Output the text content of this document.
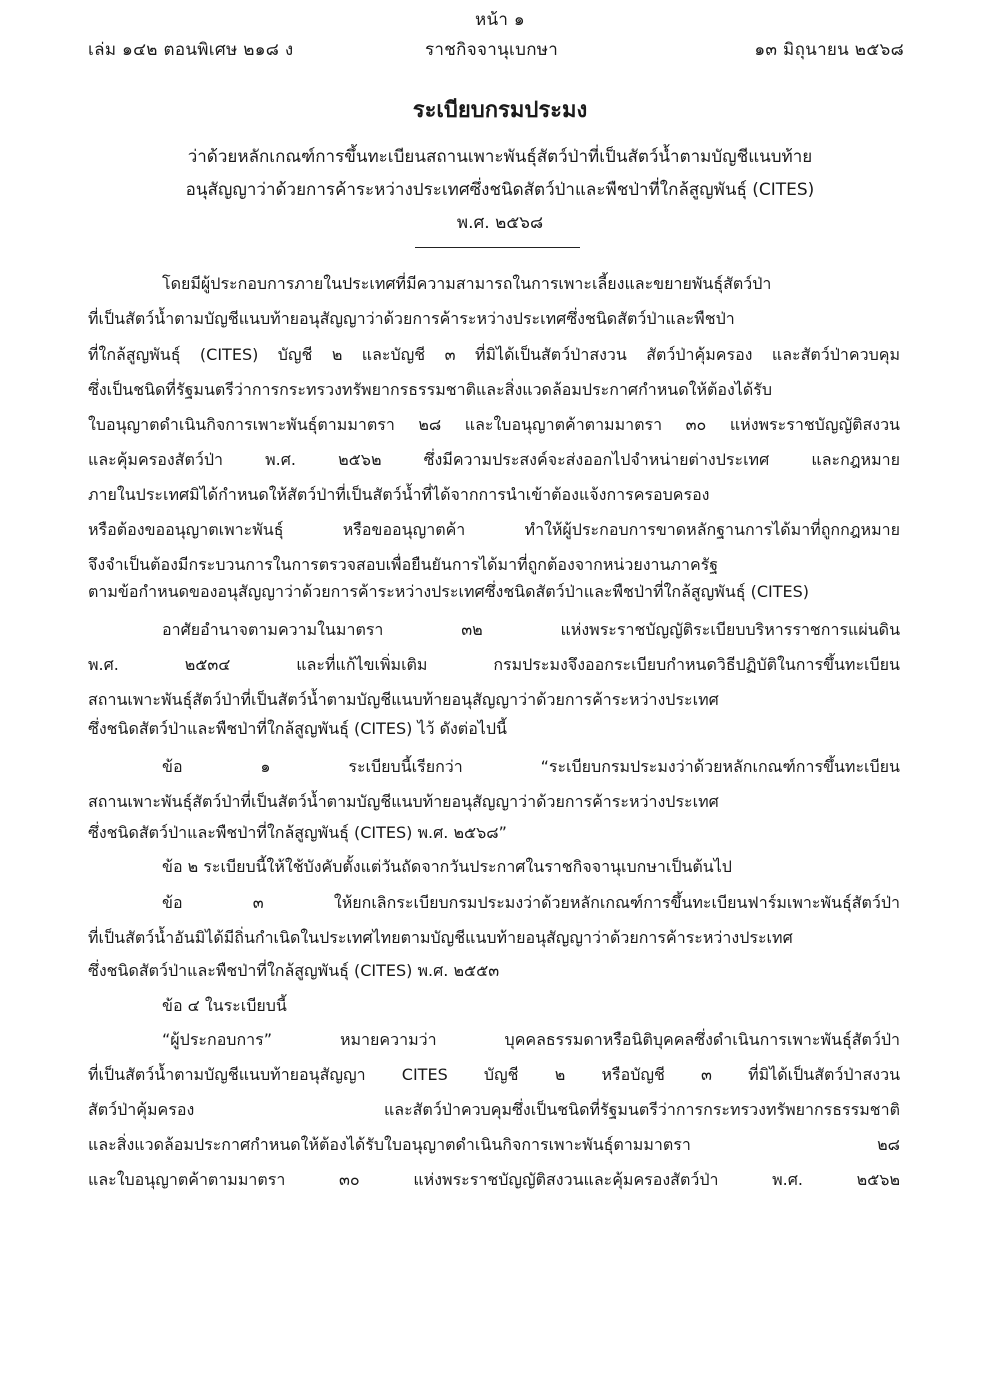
หน้า ๑
เล่ม ๑๔๒ ตอนพิเศษ ๒๑๘ ง	ราชกิจจานุเบกษา	๑๓ มิถุนายน ๒๕๖๘
ระเบียบกรมประมง
ว่าด้วยหลักเกณฑ์การขึ้นทะเบียนสถานเพาะพันธุ์สัตว์ป่าที่เป็นสัตว์น้ำตามบัญชีแนบท้าย
อนุสัญญาว่าด้วยการค้าระหว่างประเทศซึ่งชนิดสัตว์ป่าและพืชป่าที่ใกล้สูญพันธุ์ (CITES)
พ.ศ. ๒๕๖๘
โดยมีผู้ประกอบการภายในประเทศที่มีความสามารถในการเพาะเลี้ยงและขยายพันธุ์สัตว์ป่า
ที่เป็นสัตว์น้ำตามบัญชีแนบท้ายอนุสัญญาว่าด้วยการค้าระหว่างประเทศซึ่งชนิดสัตว์ป่าและพืชป่า
ที่ใกล้สูญพันธุ์ (CITES) บัญชี ๒ และบัญชี ๓ ที่มิได้เป็นสัตว์ป่าสงวน สัตว์ป่าคุ้มครอง และสัตว์ป่าควบคุม
ซึ่งเป็นชนิดที่รัฐมนตรีว่าการกระทรวงทรัพยากรธรรมชาติและสิ่งแวดล้อมประกาศกำหนดให้ต้องได้รับ
ใบอนุญาตดำเนินกิจการเพาะพันธุ์ตามมาตรา ๒๘ และใบอนุญาตค้าตามมาตรา ๓๐ แห่งพระราชบัญญัติสงวน
และคุ้มครองสัตว์ป่า พ.ศ. ๒๕๖๒ ซึ่งมีความประสงค์จะส่งออกไปจำหน่ายต่างประเทศ และกฎหมาย
ภายในประเทศมิได้กำหนดให้สัตว์ป่าที่เป็นสัตว์น้ำที่ได้จากการนำเข้าต้องแจ้งการครอบครอง
หรือต้องขออนุญาตเพาะพันธุ์ หรือขออนุญาตค้า ทำให้ผู้ประกอบการขาดหลักฐานการได้มาที่ถูกกฎหมาย
จึงจำเป็นต้องมีกระบวนการในการตรวจสอบเพื่อยืนยันการได้มาที่ถูกต้องจากหน่วยงานภาครัฐ
ตามข้อกำหนดของอนุสัญญาว่าด้วยการค้าระหว่างประเทศซึ่งชนิดสัตว์ป่าและพืชป่าที่ใกล้สูญพันธุ์ (CITES)
อาศัยอำนาจตามความในมาตรา ๓๒ แห่งพระราชบัญญัติระเบียบบริหารราชการแผ่นดิน
พ.ศ. ๒๕๓๔ และที่แก้ไขเพิ่มเติม กรมประมงจึงออกระเบียบกำหนดวิธีปฏิบัติในการขึ้นทะเบียน
สถานเพาะพันธุ์สัตว์ป่าที่เป็นสัตว์น้ำตามบัญชีแนบท้ายอนุสัญญาว่าด้วยการค้าระหว่างประเทศ
ซึ่งชนิดสัตว์ป่าและพืชป่าที่ใกล้สูญพันธุ์ (CITES) ไว้ ดังต่อไปนี้
ข้อ ๑ ระเบียบนี้เรียกว่า “ระเบียบกรมประมงว่าด้วยหลักเกณฑ์การขึ้นทะเบียน
สถานเพาะพันธุ์สัตว์ป่าที่เป็นสัตว์น้ำตามบัญชีแนบท้ายอนุสัญญาว่าด้วยการค้าระหว่างประเทศ
ซึ่งชนิดสัตว์ป่าและพืชป่าที่ใกล้สูญพันธุ์ (CITES) พ.ศ. ๒๕๖๘”
ข้อ ๒ ระเบียบนี้ให้ใช้บังคับตั้งแต่วันถัดจากวันประกาศในราชกิจจานุเบกษาเป็นต้นไป
ข้อ ๓ ให้ยกเลิกระเบียบกรมประมงว่าด้วยหลักเกณฑ์การขึ้นทะเบียนฟาร์มเพาะพันธุ์สัตว์ป่า
ที่เป็นสัตว์น้ำอันมิได้มีถิ่นกำเนิดในประเทศไทยตามบัญชีแนบท้ายอนุสัญญาว่าด้วยการค้าระหว่างประเทศ
ซึ่งชนิดสัตว์ป่าและพืชป่าที่ใกล้สูญพันธุ์ (CITES) พ.ศ. ๒๕๕๓
ข้อ ๔ ในระเบียบนี้
“ผู้ประกอบการ” หมายความว่า บุคคลธรรมดาหรือนิติบุคคลซึ่งดำเนินการเพาะพันธุ์สัตว์ป่า
ที่เป็นสัตว์น้ำตามบัญชีแนบท้ายอนุสัญญา CITES บัญชี ๒ หรือบัญชี ๓ ที่มิได้เป็นสัตว์ป่าสงวน
สัตว์ป่าคุ้มครอง และสัตว์ป่าควบคุมซึ่งเป็นชนิดที่รัฐมนตรีว่าการกระทรวงทรัพยากรธรรมชาติ
และสิ่งแวดล้อมประกาศกำหนดให้ต้องได้รับใบอนุญาตดำเนินกิจการเพาะพันธุ์ตามมาตรา ๒๘
และใบอนุญาตค้าตามมาตรา ๓๐ แห่งพระราชบัญญัติสงวนและคุ้มครองสัตว์ป่า พ.ศ. ๒๕๖๒
